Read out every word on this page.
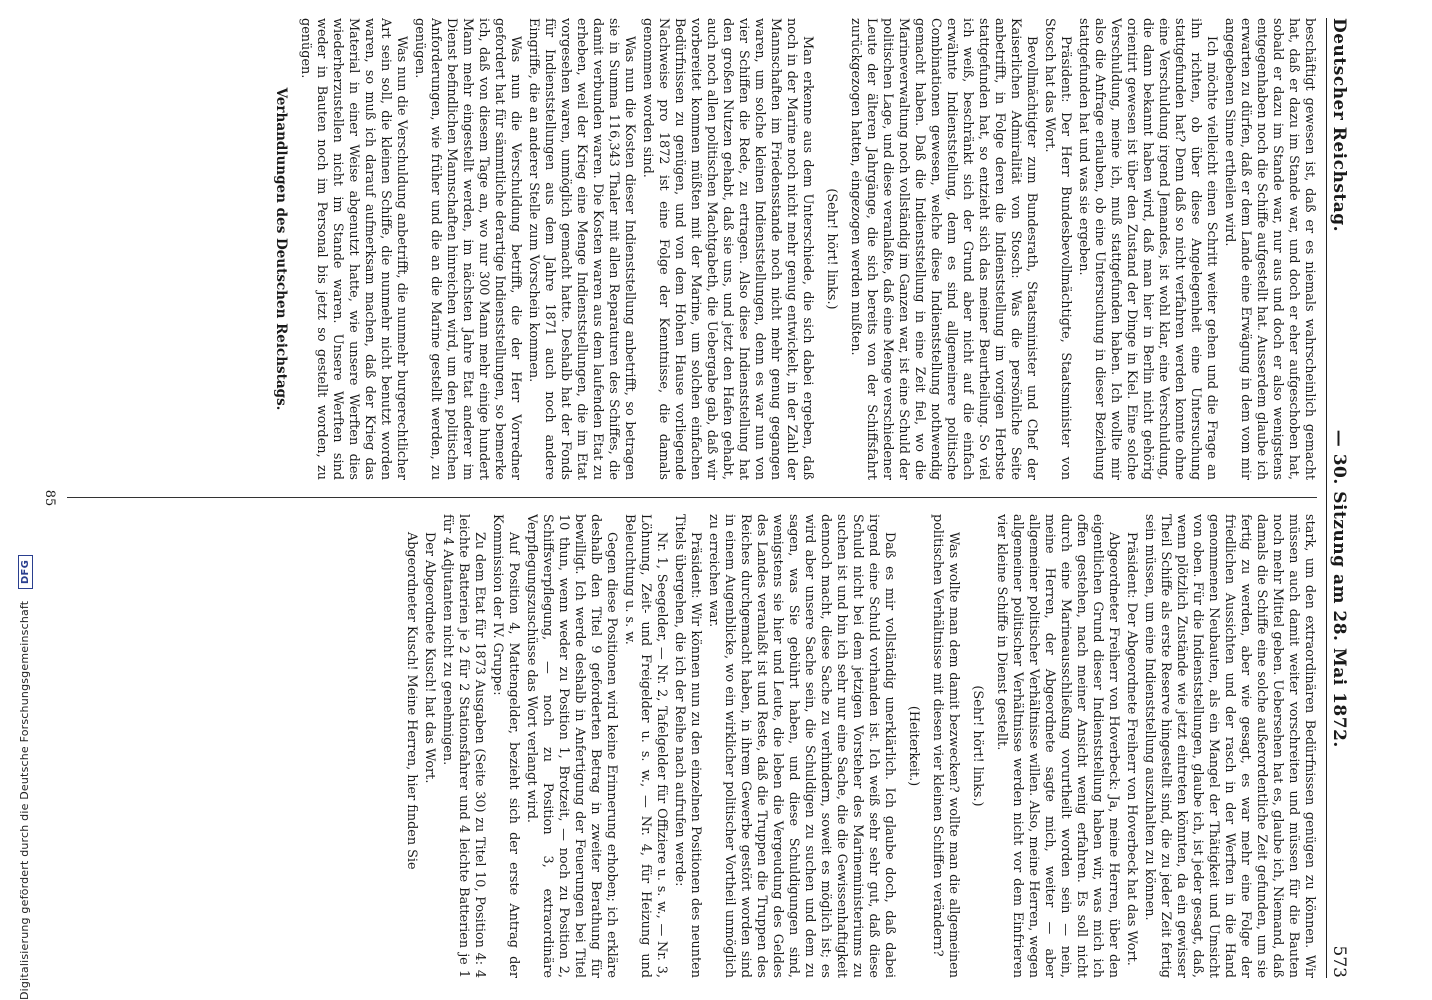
Deutscher Reichstag.
— 30. Sitzung am 28. Mai 1872.
573

beschäftigt gewesen ist, daß er es niemals wahrscheinlich gemacht hat, daß er dazu im Stande war, und doch er eher aufgeschoben hat, sobald er dazu im Stande war, nur aus und doch er also wenigstens entgegenhaben noch die Schiffe aufgestellt hat. Ausserdem glaube ich erwarten zu dürfen, daß er dem Lande eine Erwägung in dem vom mir angegebenen Sinne ertheilen wird.

Ich möchte vielleicht einen Schritt weiter gehen und die Frage an ihn richten, ob über diese Angelegenheit eine Untersuchung stattgefunden hat? Denn daß so nicht verfahren werden konnte ohne eine Verschuldung irgend Jemandes, ist wohl klar, eine Verschuldung, die dann bekannt haben wird, daß man hier in Berlin nicht gehörig orientirt gewesen ist über den Zustand der Dinge in Kiel. Eine solche Verschuldung, meine ich, muß stattgefunden haben. Ich wollte mir also die Anfrage erlauben, ob eine Untersuchung in dieser Beziehung stattgefunden hat und was sie ergeben.

Präsident: Der Herr Bundesbevollmächtigte, Staatsminister von Stosch hat das Wort.

Bevollmächtigter zum Bundesrath, Staatsminister und Chef der Kaiserlichen Admiralität von Stosch: Was die persönliche Seite anbetrifft, in Folge deren die Indienststellung im vorigen Herbste stattgefunden hat, so entzieht sich das meiner Beurtheilung. So viel ich weiß, beschränkt sich der Grund aber nicht auf die einfach erwähnte Indienststellung, denn es sind allgemeinere politische Combinationen gewesen, welche diese Indienststellung nothwendig gemacht haben. Daß die Indienststellung in eine Zeit fiel, wo die Marineverwaltung noch vollständig im Ganzen war, ist eine Schuld der politischen Lage, und diese veranlaßte, daß eine Menge verschiedener Leute der älteren Jahrgänge, die sich bereits von der Schiffsfahrt zurückgezogen hatten, eingezogen werden mußten.

(Sehr! hört! links.)

Man erkenne aus dem Unterschiede, die sich dabei ergeben, daß noch in der Marine noch nicht mehr genug entwickelt, in der Zahl der Mannschaften im Friedensstande noch nicht mehr genug gegangen waren, um solche kleinen Indienststellungen, denn es war nun von vier Schiffen die Rede, zu ertragen. Also diese Indienststellung hat den großen Nutzen gehabt, daß sie uns, und jetzt den Hafen gehabt, auch noch allen politischen Machtgabeth, die Uebergabe gab, daß wir vorbereitet kommen müßten mit der Marine, um solchen einfachen Bedürfnissen zu genügen, und von dem Hohen Hause vorliegende Nachweise pro 1872 ist eine Folge der Kenntnisse, die damals genommen worden sind.

Was nun die Kosten dieser Indienststellung anbetrifft, so betragen sie in Summa 116,343 Thaler mit allen Reparaturen des Schiffes, die damit verbunden waren. Die Kosten waren aus dem laufenden Etat zu erheben, weil der Krieg eine Menge Indienststellungen, die im Etat vorgesehen waren, unmöglich gemacht hatte. Deshalb hat der Fonds für Indienststellungen aus dem Jahre 1871 auch noch andere Eingriffe, die an anderer Stelle zum Vorschein kommen.

Was nun die Verschuldung betrifft, die der Herr Vorredner gefordert hat für sämmtliche derartige Indienststellungen, so bemerke ich, daß von diesem Tage an, wo nur 300 Mann mehr einige hundert Mann mehr eingestellt werden, im nächsten Jahre Etat anderer im Dienst befindlichen Mannschaften hinreichen wird, um den politischen Anforderungen, wie früher und die an die Marine gestellt werden, zu genügen.

Was nun die Verschuldung anbetrifft, die nunmehr burgerechtlicher Art sein soll, die kleinen Schiffe, die nunmehr nicht benutzt worden waren, so muß ich darauf aufmerksam machen, daß der Krieg das Material in einer Weise abgenutzt hatte, wie unsere Werften dies wiederherzustellen nicht im Stande waren. Unsere Werften sind weder in Bauten noch im Personal bis jetzt so gestellt worden, zu genügen.

Verhandlungen des Deutschen Reichstags.

stark, um den extraordinären Bedürfnissen genügen zu können. Wir müssen auch damit weiter vorschreiten und müssen für die Bauten noch mehr Mittel geben. Uebersehen hat es, glaube ich, Niemand, daß damals die Schiffe eine solche außerordentliche Zeit gefunden, um sie fertig zu werden, aber wie gesagt, es war mehr eine Folge der friedlichen Aussichten und der rasch in der Werften in die Hand genommenen Neubauten, als ein Mangel der Thätigkeit und Umsicht von oben. Für die Indienststellungen, glaube ich, ist jeder gesagt, daß, wenn plötzlich Zustände wie jetzt eintreten könnten, da ein gewisser Theil Schiffe als erste Reserve hingestellt sind, die zu jeder Zeit fertig sein müssen, um eine Indienststellung auszuhalten zu können.

Präsident: Der Abgeordnete Freiherr von Hoverbeck hat das Wort.

Abgeordneter Freiherr von Hoverbeck: Ja, meine Herren, über den eigentlichen Grund dieser Indienststellung haben wir, was mich ich offen gestehen, nach meiner Ansicht wenig erfahren. Es soll nicht durch eine Marineausschließung vorurtheilt worden sein — nein, meine Herren, der Abgeordnete sagte mich, weiter — aber allgemeiner politischer Verhältnisse willen. Also, meine Herren, wegen allgemeiner politischer Verhältnisse werden nicht vor dem Einfrieren vier kleine Schiffe in Dienst gestellt.

(Sehr! hört! links.)

Was wollte man dem damit bezwecken? wollte man die allgemeinen politischen Verhältnisse mit diesen vier kleinen Schiffen verändern?

(Heiterkeit.)

Daß es mir vollständig unerklärlich. Ich glaube doch, daß dabei irgend eine Schuld vorhanden ist. Ich weiß sehr sehr gut, daß diese Schuld nicht bei dem jetzigen Vorsteher des Marineministeriums zu suchen ist und bin ich sehr nur eine Sache, die die Gewissenhaftigkeit dennoch macht, diese Sache zu verhindern, soweit es möglich ist; es wird aber unsere Sache sein, die Schuldigen zu suchen und dem zu sagen, was Sie gebührt haben, und diese Schuldigungen sind, wenigstens sie hier und Leute, die leben die Vergeudung des Geldes des Landes veranlaßt ist und Reste, daß die Truppen die Truppen des Reiches durchgemacht haben, in ihrem Gewerbe gestört worden sind in einem Augenblicke, wo ein wirklicher politischer Vortheil unmöglich zu erreichen war.

Präsident: Wir können nun zu den einzelnen Positionen des neunten Titels übergehen, die ich der Reihe nach aufrufen werde:

Nr. 1, Seegelder, — Nr. 2, Tafelgelder für Offiziere u. s. w., — Nr. 3, Löhnung, Zeit- und Freigelder u. s. w., — Nr. 4, für Heizung und Beleuchtung u. s. w.

Gegen diese Positionen wird keine Erinnerung erhoben; ich erkläre deshalb den Titel 9 geforderten Betrag in zweiter Berathung für bewilligt. Ich werde deshalb in Anfertigung der Feuerungen bei Titel 10 thun, wenn weder zu Position 1, Brotzeit, — noch zu Position 2, Schiffsverpflegung, — noch zu Position 3, extraordinäre Verpflegungszuschüsse das Wort verlangt wird.

Auf Position 4, Mattengelder, bezieht sich der erste Antrag der Kommission der IV. Gruppe:

Zu dem Etat für 1873 Ausgaben (Seite 30) zu Titel 10, Position 4: 4 leichte Batterien je 2 für 2 Stationsfahrer und 4 leichte Batterien je 1 für 4 Adjutanten nicht zu genehmigen.

Der Abgeordnete Kusch! hat das Wort.

Abgeordneter Kusch! Meine Herren, hier finden Sie

85
Digitalisierung gefördert durch die Deutsche Forschungsgemeinschaft DFG
